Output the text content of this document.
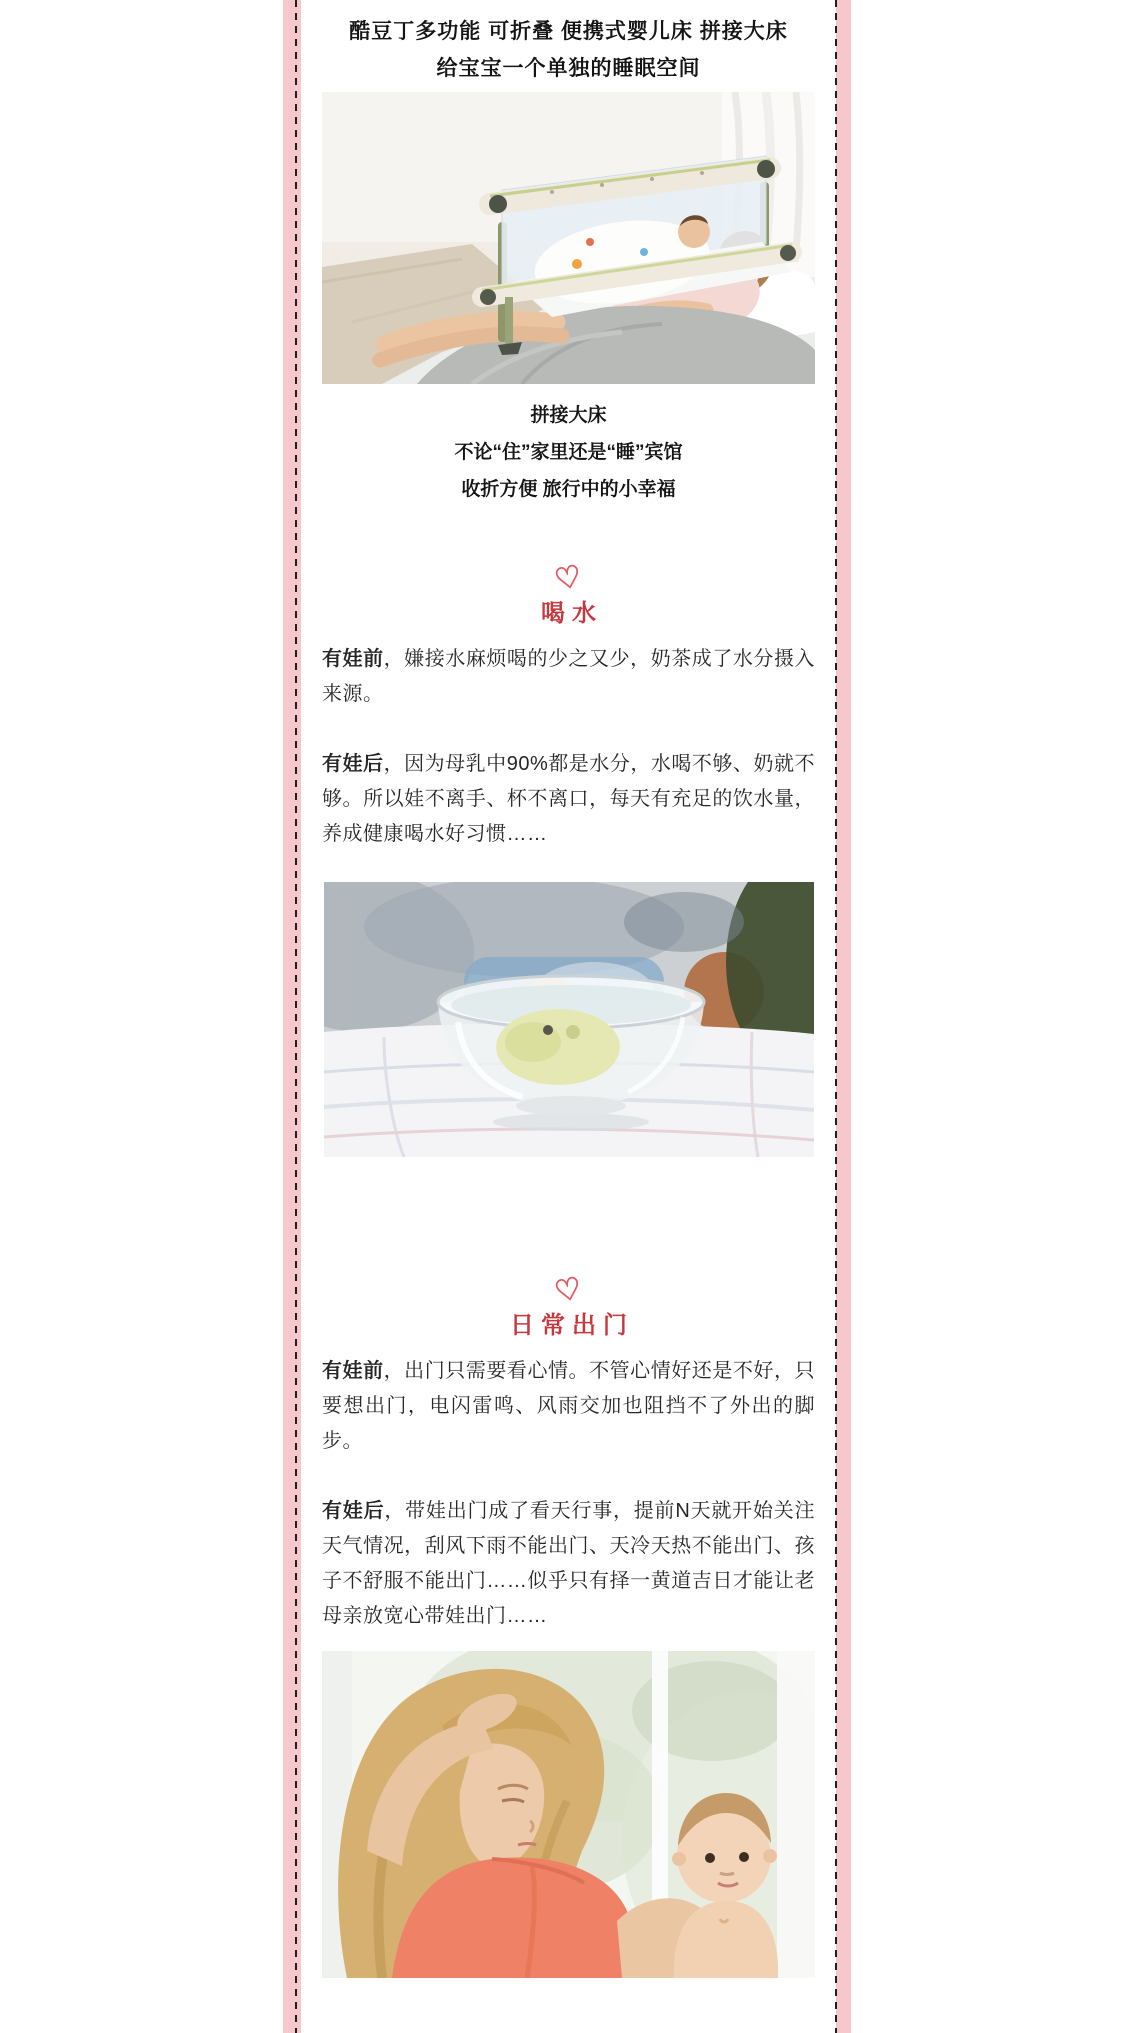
酷豆丁多功能 可折叠 便携式婴儿床 拼接大床
给宝宝一个单独的睡眠空间
拼接大床
不论“住”家里还是“睡”宾馆
收折方便 旅行中的小幸福
♡
喝水

有娃前，嫌接水麻烦喝的少之又少，奶茶成了水分摄入来源。

有娃后，因为母乳中90%都是水分，水喝不够、奶就不够。所以娃不离手、杯不离口，每天有充足的饮水量，养成健康喝水好习惯……

♡
日常出门

有娃前，出门只需要看心情。不管心情好还是不好，只要想出门，电闪雷鸣、风雨交加也阻挡不了外出的脚步。

有娃后，带娃出门成了看天行事，提前N天就开始关注天气情况，刮风下雨不能出门、天冷天热不能出门、孩子不舒服不能出门……似乎只有择一黄道吉日才能让老母亲放宽心带娃出门……
